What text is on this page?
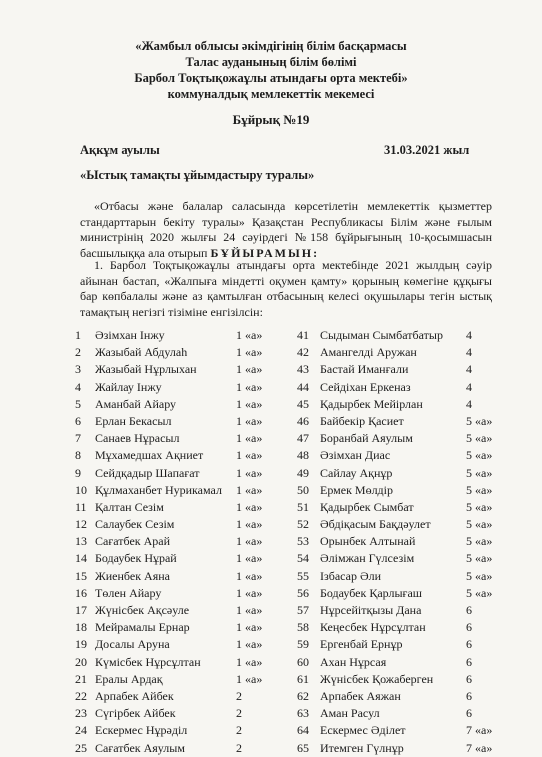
«Жамбыл облысы әкімдігінің білім басқармасы
Талас ауданының білім бөлімі
Барбол Тоқтықожаұлы атындағы орта мектебі»
коммуналдық мемлекеттік мекемесі
Бұйрық №19
Ақкұм ауылы	31.03.2021 жыл
«Ыстық тамақты ұйымдастыру туралы»
«Отбасы және балалар саласында көрсетілетін мемлекеттік қызметтер стандарттарын бекіту туралы» Қазақстан Республикасы Білім және ғылым министрінің 2020 жылғы 24 сәуірдегі №158 бұйрығының 10-қосымшасын басшылыққа ала отырып БҰЙЫРАМЫН:
1. Барбол Тоқтықожаұлы атындағы орта мектебінде 2021 жылдың сәуір айынан бастап, «Жалпыға міндетті оқумен қамту» қорының көмегіне құқығы бар көпбалалы және аз қамтылған отбасының келесі оқушылары тегін ыстық тамақтың негізгі тізіміне енгізілсін:
1 Әзімхан Інжу	1 «а»
2 Жазыбай Абдулаһ	1 «а»
3 Жазыбай Нұрлыхан	1 «а»
4 Жайлау Інжу	1 «а»
5 Аманбай Айару	1 «а»
6 Ерлан Бекасыл	1 «а»
7 Санаев Нұрасыл	1 «а»
8 Мұхамедшах Ақниет	1 «а»
9 Сейдқадыр Шапағат	1 «а»
10 Құлмаханбет Нурикамал 1 «а»
11 Қалтан Сезім	1 «а»
12 Салаубек Сезім	1 «а»
13 Сағатбек Арай	1 «а»
14 Бодаубек Нұрай	1 «а»
15 Жиенбек Аяна	1 «а»
16 Төлен Айару	1 «а»
17 Жүнісбек Ақсәуле	1 «а»
18 Мейрамалы Ернар	1 «а»
19 Досалы Аруна	1 «а»
20 Күмісбек Нұрсұлтан	1 «а»
21 Ералы Ардақ	1 «а»
22 Арпабек Айбек	2
23 Сүгірбек Айбек	2
24 Ескермес Нұрәділ	2
25 Сағатбек Аяулым	2
41 Сыдыман Сымбатбатыр 4
42 Амангелді Аружан	4
43 Бастай Иманғали	4
44 Сейдіхан Еркеназ	4
45 Қадырбек Мейірлан	4
46 Байбекір Қасиет	5 «а»
47 Боранбай Аяулым	5 «а»
48 Әзімхан Диас	5 «а»
49 Сайлау Ақнұр	5 «а»
50 Ермек Мөлдір	5 «а»
51 Қадырбек Сымбат	5 «а»
52 Әбдіқасым Бақдәулет	5 «а»
53 Орынбек Алтынай	5 «а»
54 Әлімжан Гүлсезім	5 «а»
55 Ізбасар Әли	5 «а»
56 Бодаубек Қарлығаш	5 «а»
57 Нұрсейітқызы Дана	6
58 Кеңесбек Нұрсұлтан	6
59 Ергенбай Ернұр	6
60 Ахан Нұрсая	6
61 Жүнісбек Қожаберген	6
62 Арпабек Аяжан	6
63 Аман Расул	6
64 Ескермес Әділет	7 «а»
65 Итемген Гүлнұр	7 «а»
